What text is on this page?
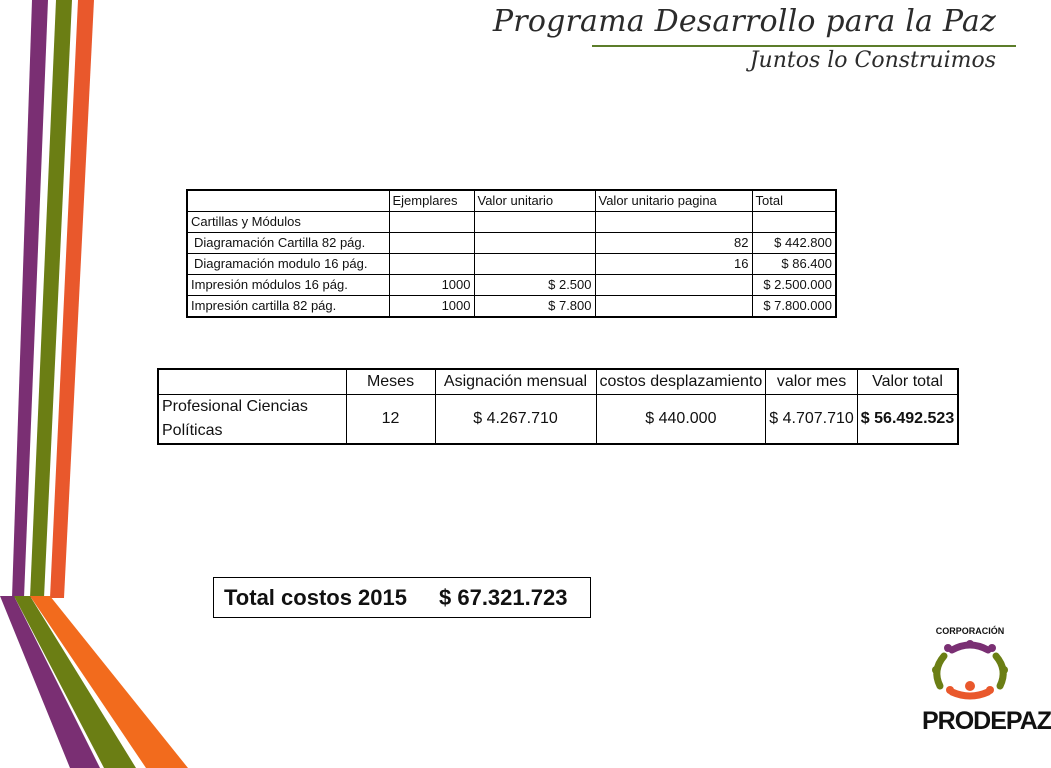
Programa Desarrollo para la Paz
Juntos lo Construimos
	Ejemplares	Valor unitario	Valor unitario pagina	Total
Cartillas y Módulos				
Diagramación Cartilla 82 pág.			82	$ 442.800
Diagramación modulo 16 pág.			16	$ 86.400
Impresión módulos 16 pág.	1000	$ 2.500		$ 2.500.000
Impresión cartilla 82 pág.	1000	$ 7.800		$ 7.800.000
	Meses	Asignación mensual	costos desplazamiento	valor mes	Valor total
Profesional Ciencias Políticas	12	$ 4.267.710	$ 440.000	$ 4.707.710	$ 56.492.523
Total costos 2015 $ 67.321.723
CORPORACIÓN
PRODEPAZ
